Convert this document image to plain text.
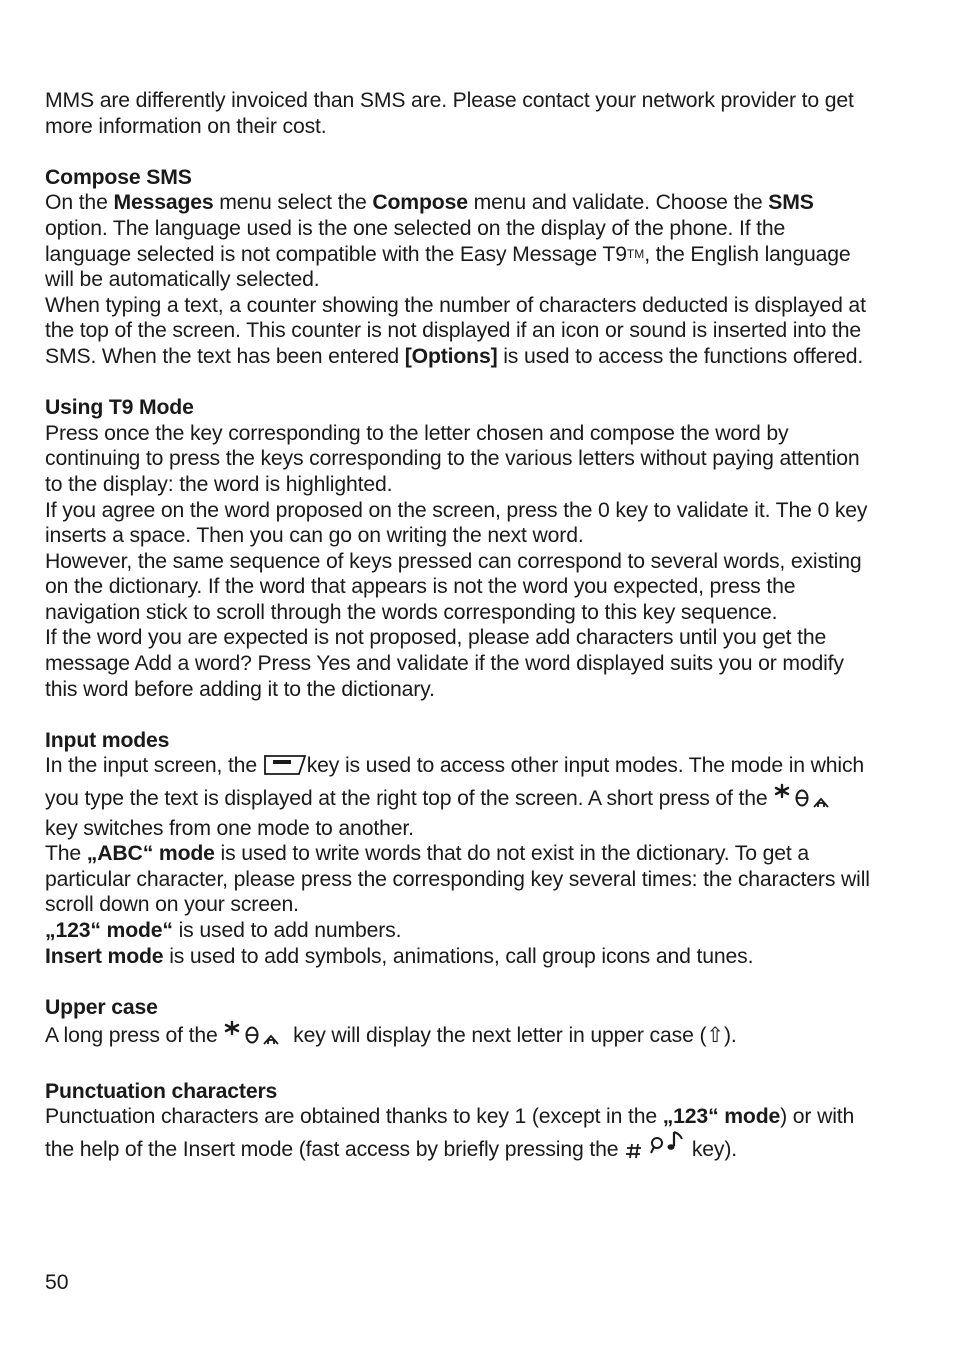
MMS are differently invoiced than SMS are. Please contact your network provider to get more information on their cost.

Compose SMS

On the Messages menu select the Compose menu and validate. Choose the SMS option. The language used is the one selected on the display of the phone. If the language selected is not compatible with the Easy Message T9TM, the English language will be automatically selected.

When typing a text, a counter showing the number of characters deducted is displayed at the top of the screen. This counter is not displayed if an icon or sound is inserted into the SMS. When the text has been entered [Options] is used to access the functions offered.

Using T9 Mode

Press once the key corresponding to the letter chosen and compose the word by continuing to press the keys corresponding to the various letters without paying attention to the display: the word is highlighted.

If you agree on the word proposed on the screen, press the 0 key to validate it. The 0 key inserts a space. Then you can go on writing the next word.

However, the same sequence of keys pressed can correspond to several words, existing on the dictionary. If the word that appears is not the word you expected, press the navigation stick to scroll through the words corresponding to this key sequence.

If the word you are expected is not proposed, please add characters until you get the message Add a word? Press Yes and validate if the word displayed suits you or modify this word before adding it to the dictionary.

Input modes

In the input screen, the key is used to access other input modes. The mode in which you type the text is displayed at the right top of the screen. A short press of the  key switches from one mode to another.

The „ABC“ mode is used to write words that do not exist in the dictionary. To get a particular character, please press the corresponding key several times: the characters will scroll down on your screen.

„123“ mode“ is used to add numbers.

Insert mode is used to add symbols, animations, call group icons and tunes.

Upper case

A long press of the	key will display the next letter in upper case (⇧).

Punctuation characters

Punctuation characters are obtained thanks to key 1 (except in the „123“ mode) or with the help of the Insert mode (fast access by briefly pressing the	key).

50
